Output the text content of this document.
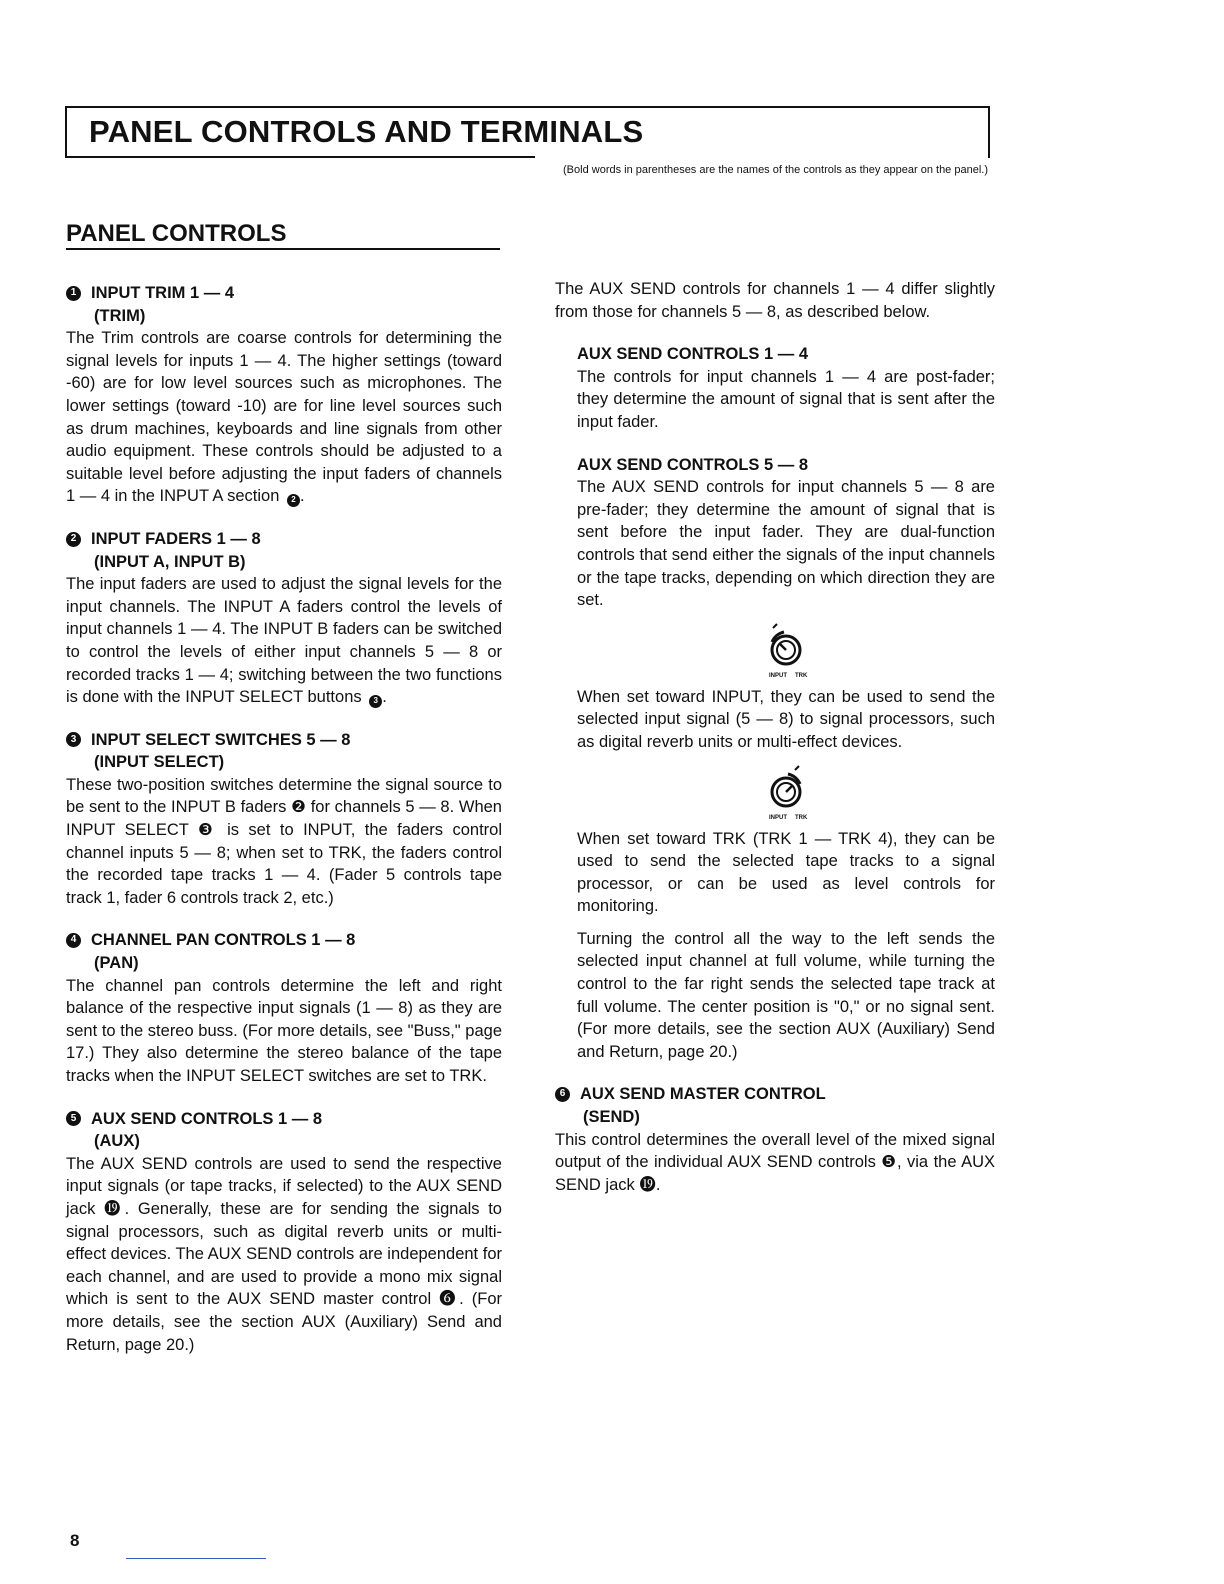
PANEL CONTROLS AND TERMINALS
(Bold words in parentheses are the names of the controls as they appear on the panel.)
PANEL CONTROLS
1 INPUT TRIM 1 — 4
(TRIM)
The Trim controls are coarse controls for determining the signal levels for inputs 1 — 4. The higher settings (toward -60) are for low level sources such as microphones. The lower settings (toward -10) are for line level sources such as drum machines, keyboards and line signals from other audio equipment. These controls should be adjusted to a suitable level before adjusting the input faders of channels 1 — 4 in the INPUT A section 2 .
2 INPUT FADERS 1 — 8
(INPUT A, INPUT B)
The input faders are used to adjust the signal levels for the input channels. The INPUT A faders control the levels of input channels 1 — 4. The INPUT B faders can be switched to control the levels of either input channels 5 — 8 or recorded tracks 1 — 4; switching between the two functions is done with the INPUT SELECT buttons 3 .
3 INPUT SELECT SWITCHES 5 — 8
(INPUT SELECT)
These two-position switches determine the signal source to be sent to the INPUT B faders ❷ for channels 5 — 8. When INPUT SELECT ❸ is set to INPUT, the faders control channel inputs 5 — 8; when set to TRK, the faders control the recorded tape tracks 1 — 4. (Fader 5 controls tape track 1, fader 6 controls track 2, etc.)
4 CHANNEL PAN CONTROLS 1 — 8
(PAN)
The channel pan controls determine the left and right balance of the respective input signals (1 — 8) as they are sent to the stereo buss. (For more details, see "Buss," page 17.) They also determine the stereo balance of the tape tracks when the INPUT SELECT switches are set to TRK.
5 AUX SEND CONTROLS 1 — 8
(AUX)
The AUX SEND controls are used to send the respective input signals (or tape tracks, if selected) to the AUX SEND jack ⓳. Generally, these are for sending the signals to signal processors, such as digital reverb units or multi-effect devices. The AUX SEND controls are independent for each channel, and are used to provide a mono mix signal which is sent to the AUX SEND master control ❻. (For more details, see the section AUX (Auxiliary) Send and Return, page 20.)
The AUX SEND controls for channels 1 — 4 differ slightly from those for channels 5 — 8, as described below.
AUX SEND CONTROLS 1 — 4
The controls for input channels 1 — 4 are post-fader; they determine the amount of signal that is sent after the input fader.
AUX SEND CONTROLS 5 — 8
The AUX SEND controls for input channels 5 — 8 are pre-fader; they determine the amount of signal that is sent before the input fader. They are dual-function controls that send either the signals of the input channels or the tape tracks, depending on which direction they are set.
INPUT TRK
When set toward INPUT, they can be used to send the selected input signal (5 — 8) to signal processors, such as digital reverb units or multi-effect devices.
INPUT TRK
When set toward TRK (TRK 1 — TRK 4), they can be used to send the selected tape tracks to a signal processor, or can be used as level controls for monitoring.
Turning the control all the way to the left sends the selected input channel at full volume, while turning the control to the far right sends the selected tape track at full volume. The center position is "0," or no signal sent. (For more details, see the section AUX (Auxiliary) Send and Return, page 20.)
6 AUX SEND MASTER CONTROL
(SEND)
This control determines the overall level of the mixed signal output of the individual AUX SEND controls ❺, via the AUX SEND jack ⓳.
8
